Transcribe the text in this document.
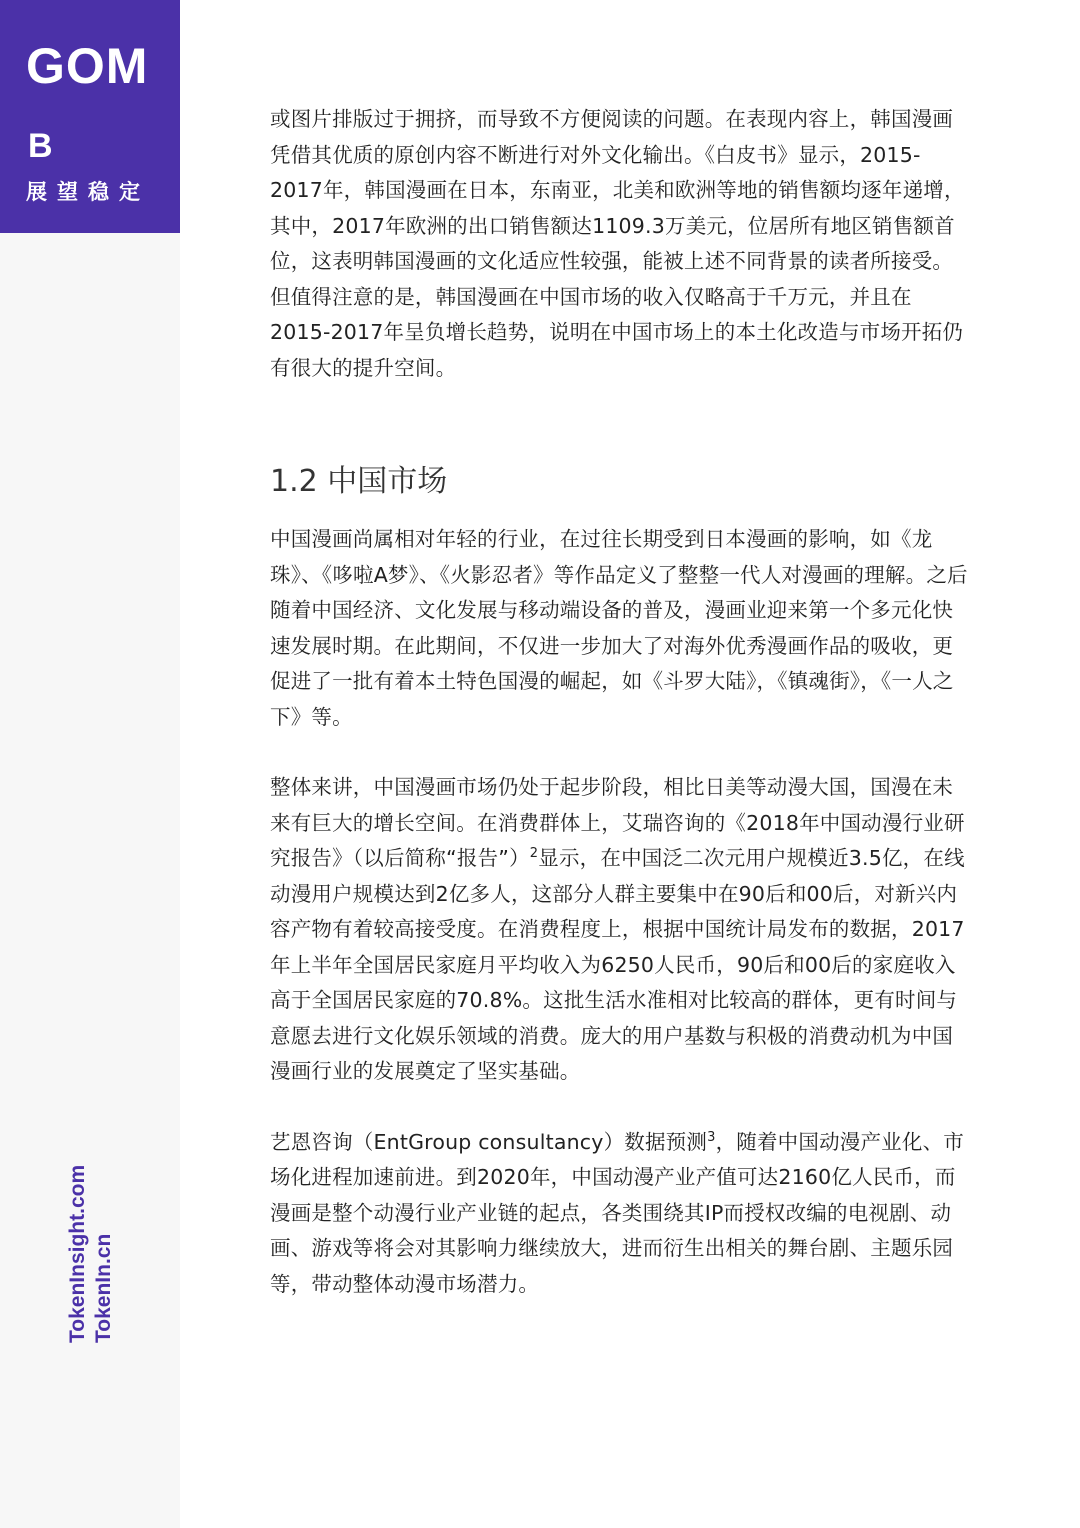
GOM
B
展望稳定
TokenInsight.com TokenIn.cn

或图片排版过于拥挤，而导致不方便阅读的问题。在表现内容上，韩国漫画凭借其优质的原创内容不断进行对外文化输出。《白皮书》显示，2015-2017年，韩国漫画在日本，东南亚，北美和欧洲等地的销售额均逐年递增，其中，2017年欧洲的出口销售额达1109.3万美元，位居所有地区销售额首位，这表明韩国漫画的文化适应性较强，能被上述不同背景的读者所接受。 但值得注意的是，韩国漫画在中国市场的收入仅略高于千万元，并且在2015-2017年呈负增长趋势，说明在中国市场上的本土化改造与市场开拓仍有很大的提升空间。

1.2 中国市场

中国漫画尚属相对年轻的行业，在过往长期受到日本漫画的影响，如《龙珠》、《哆啦A梦》、《火影忍者》等作品定义了整整一代人对漫画的理解。之后随着中国经济、文化发展与移动端设备的普及，漫画业迎来第一个多元化快速发展时期。在此期间，不仅进一步加大了对海外优秀漫画作品的吸收，更促进了一批有着本土特色国漫的崛起，如《斗罗大陆》，《镇魂街》，《一人之下》等。

整体来讲，中国漫画市场仍处于起步阶段，相比日美等动漫大国，国漫在未来有巨大的增长空间。在消费群体上，艾瑞咨询的《2018年中国动漫行业研究报告》（以后简称“报告”）$^2$显示，在中国泛二次元用户规模近3.5亿，在线动漫用户规模达到2亿多人，这部分人群主要集中在90后和00后，对新兴内容产物有着较高接受度。在消费程度上，根据中国统计局发布的数据，2017年上半年全国居民家庭月平均收入为6250人民币，90后和00后的家庭收入高于全国居民家庭的70.8%。这批生活水准相对比较高的群体，更有时间与意愿去进行文化娱乐领域的消费。庞大的用户基数与积极的消费动机为中国漫画行业的发展奠定了坚实基础。

艺恩咨询（EntGroup consultancy）数据预测$^3$，随着中国动漫产业化、市场化进程加速前进。到2020年，中国动漫产业产值可达2160亿人民币，而漫画是整个动漫行业产业链的起点，各类围绕其IP而授权改编的电视剧、动画、游戏等将会对其影响力继续放大，进而衍生出相关的舞台剧、主题乐园等，带动整体动漫市场潜力。
